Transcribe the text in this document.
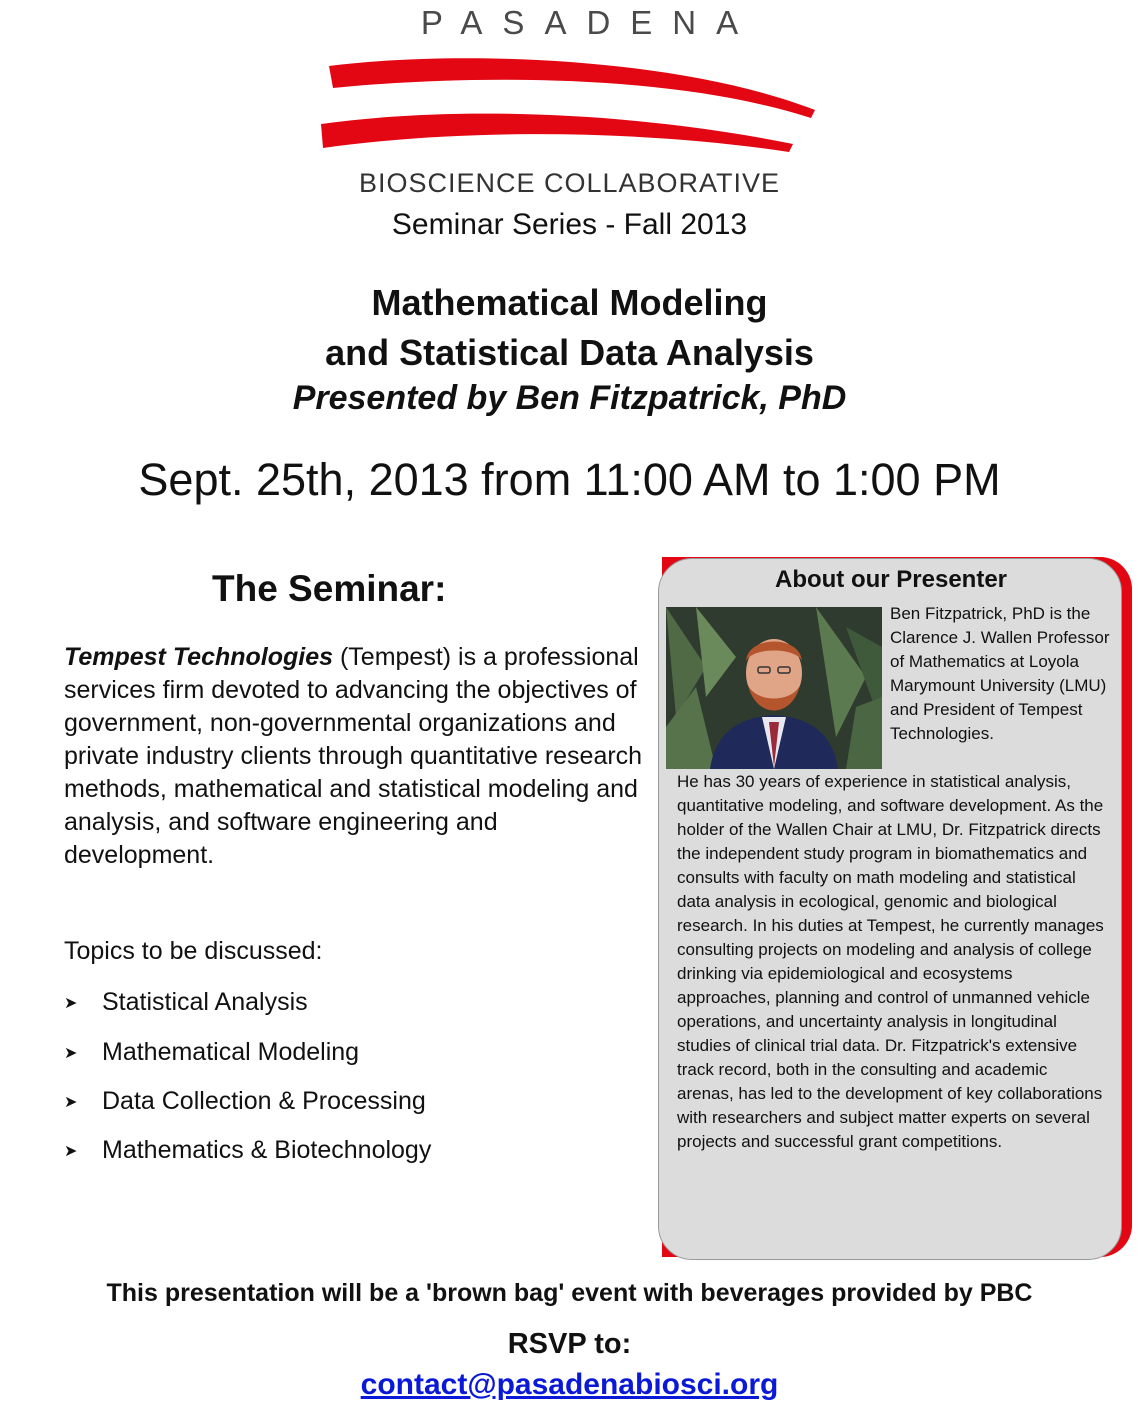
PASADENA
BIOSCIENCE COLLABORATIVE
Seminar Series - Fall 2013
Mathematical Modeling
and Statistical Data Analysis
Presented by Ben Fitzpatrick, PhD
Sept. 25th, 2013 from 11:00 AM to 1:00 PM
The Seminar:
Tempest Technologies (Tempest) is a professional services firm devoted to advancing the objectives of government, non-governmental organizations and private industry clients through quantitative research methods, mathematical and statistical modeling and analysis, and software engineering and development.
Topics to be discussed:
➤ Statistical Analysis
➤ Mathematical Modeling
➤ Data Collection & Processing
➤ Mathematics & Biotechnology
About our Presenter
Ben Fitzpatrick, PhD is the Clarence J. Wallen Professor of Mathematics at Loyola Marymount University (LMU) and President of Tempest Technologies.
He has 30 years of experience in statistical analysis, quantitative modeling, and software development. As the holder of the Wallen Chair at LMU, Dr. Fitzpatrick directs the independent study program in biomathematics and consults with faculty on math modeling and statistical data analysis in ecological, genomic and biological research. In his duties at Tempest, he currently manages consulting projects on modeling and analysis of college drinking via epidemiological and ecosystems approaches, planning and control of unmanned vehicle operations, and uncertainty analysis in longitudinal studies of clinical trial data. Dr. Fitzpatrick's extensive track record, both in the consulting and academic arenas, has led to the development of key collaborations with researchers and subject matter experts on several projects and successful grant competitions.
This presentation will be a 'brown bag' event with beverages provided by PBC
RSVP to:
contact@pasadenabiosci.org
